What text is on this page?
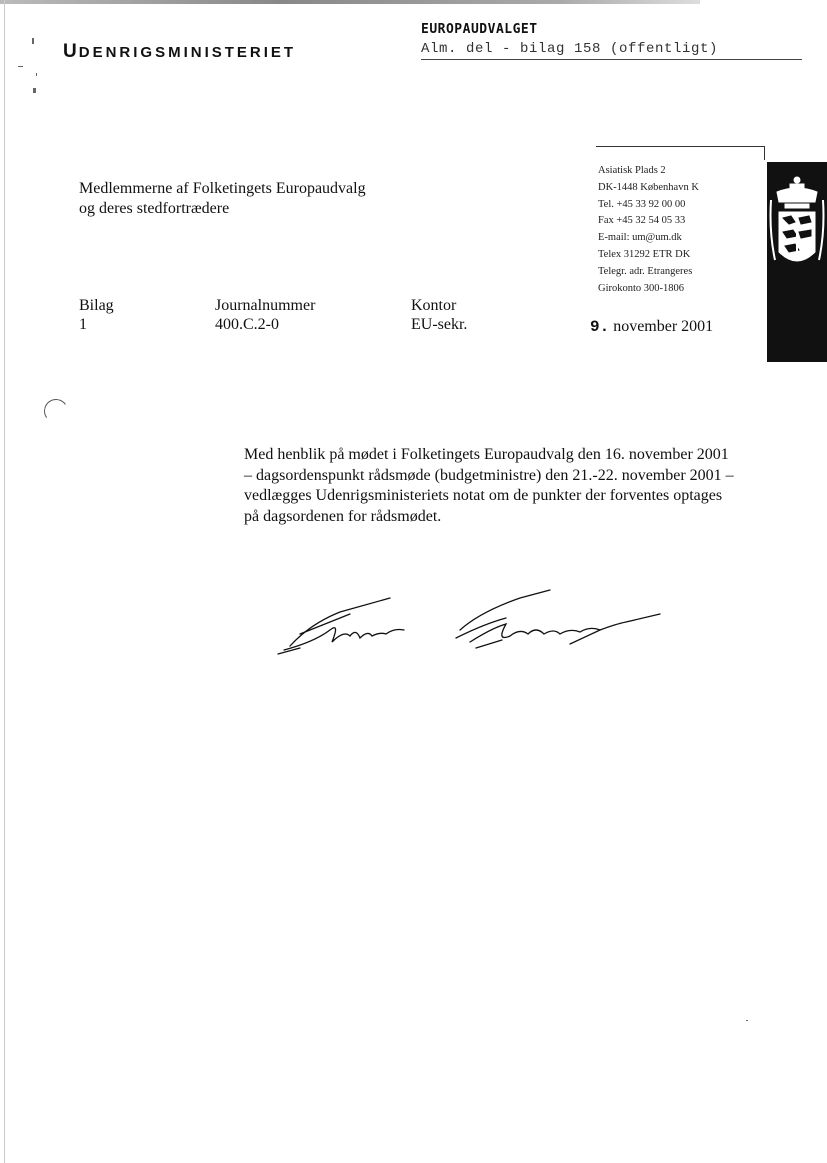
UDENRIGSMINISTERIET
EUROPAUDVALGET
Alm. del - bilag 158 (offentligt)
Medlemmerne af Folketingets Europaudvalg
og deres stedfortrædere
Asiatisk Plads 2
DK-1448 København K
Tel. +45 33 92 00 00
Fax +45 32 54 05 33
E-mail: um@um.dk
Telex 31292 ETR DK
Telegr. adr. Etrangeres
Girokonto 300-1806
Bilag
1
Journalnummer
400.C.2-0
Kontor
EU-sekr.	9. november 2001
Med henblik på mødet i Folketingets Europaudvalg den 16. november 2001
– dagsordenspunkt rådsmøde (budgetministre) den 21.-22. november 2001 –
vedlægges Udenrigsministeriets notat om de punkter der forventes optages
på dagsordenen for rådsmødet.
